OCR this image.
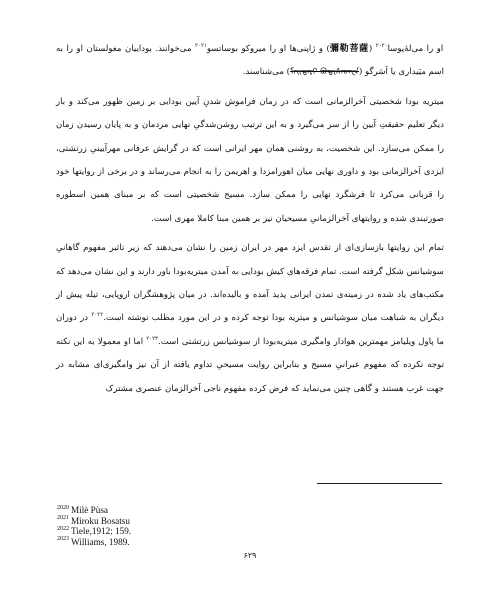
او را می‌لهٔ‌پوسا$^{۲۰۲۰}$ (彌勒菩薩) و ژاپنی‌ها او را میروکو بوساتسو$^{۲۰۲۱}$ می‌خوانند. بوداییان مغولستان او را به اسم میَیداری یا اَسَرگو (ᠮᠠᠢᠳᠠᠷᠢ ᠪᠣᠳᠢᠰᠠᠳᠸᠠ) می‌شناسند.

میتریه بودا شخصیتی آخرالزمانی است که در زمان فراموش شدنِ آیین بودایی بر زمین ظهور می‌کند و بار دیگر تعلیم حقیقتِ آیین را از سر می‌گیرد و به این ترتیب روشن‌شدگیِ نهایی مردمان و به پایان رسیدن زمان را ممکن می‌سازد. این شخصیت، به روشنی همان مهر ایرانی است که در گرایش عرفانی مهرآیینیِ زرتشتی، ایزدی آخرالزمانی بود و داوری نهایی میان اهورامزدا و اهریمن را به انجام می‌رساند و در برخی از روایتها خود را قربانی می‌کرد تا فرشگرد نهایی را ممکن سازد. مسیح شخصیتی است که بر مبنای همین اسطوره صورتبندی شده و روایتهای آخرالزمانیِ مسیحیان نیز بر همین مبنا کاملا مهری است.

تمام این روایتها بازسازی‌ای از تقدس ایزد مهر در ایران زمین را نشان می‌دهند که زیر تاثیر مفهوم گاهانیِ سوشیانس شکل گرفته است. تمام فرقه‌های کیش بودایی به آمدن میتریه‌بودا باور دارند و این نشان می‌دهد که مکتب‌های یاد شده در زمینه‌ی تمدن ایرانی پدید آمده و بالیده‌اند. در میان پژوهشگران اروپایی، تیله پیش از دیگران به شباهت میان سوشیانس و میتریه بودا توجه کرده و در این مورد مطلب نوشته است.$^{۲۰۲۲}$ در دوران ما پاول ویلیامز مهمترین هوادار وامگیری میتریه‌بودا از سوشیانس زرتشتی است.$^{۲۰۲۳}$ اما او معمولا به این نکته توجه نکرده که مفهوم عبرانیِ مسیح و بنابراین روایت مسیحیِ تداوم یافته از آن نیز وامگیری‌ای مشابه در جهت غرب هستند و گاهی چنین می‌نماید که فرض کرده مفهوم ناجی آخرالزمان عنصری مشترک

$^{2020}$ Milè Pùsa
$^{2021}$ Miroku Bosatsu
$^{2022}$ Tiele,1912: 159.
$^{2023}$ Williams, 1989.
۶۲۹
